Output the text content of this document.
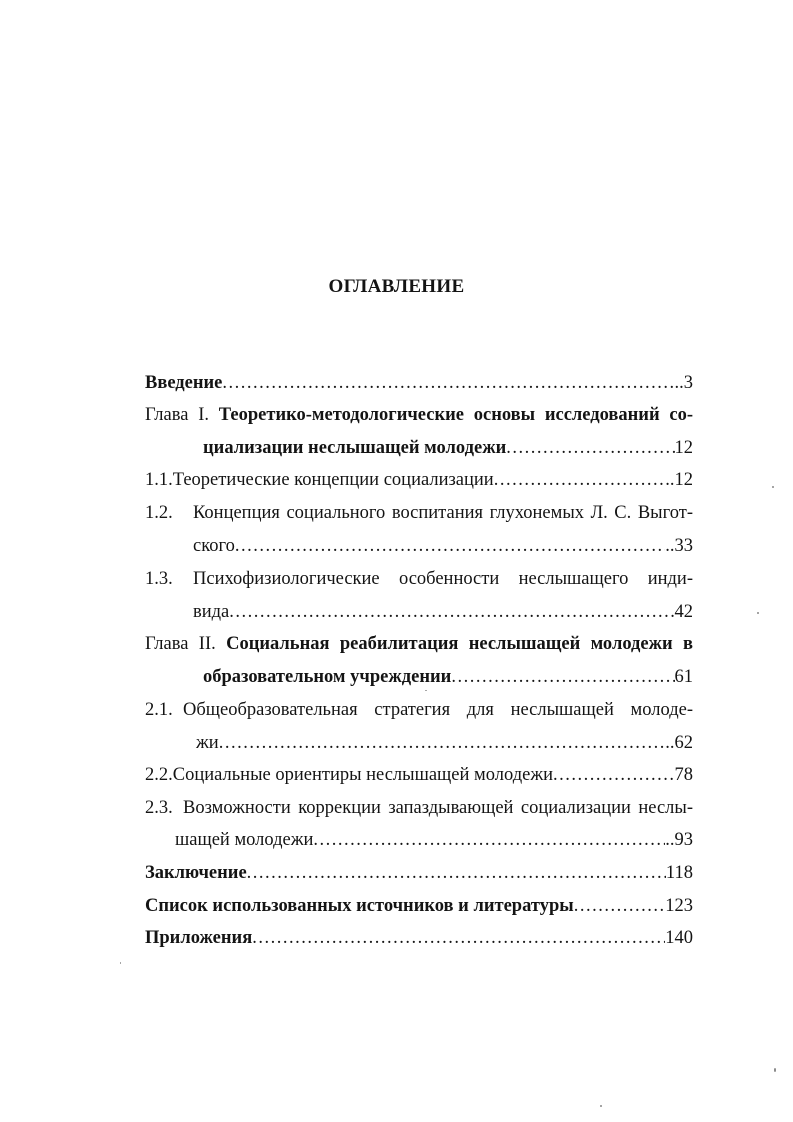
ОГЛАВЛЕНИЕ
Введение .....	..3
Глава I. Теоретико-методологические основы исследований со-
циализации неслышащей молодежи .....	12
1.1. Теоретические концепции социализации .....	..12
1.2.	Концепция социального воспитания глухонемых Л. С. Выгот-
ского .....	..33
1.3.	Психофизиологические особенности неслышащего инди-
вида .....	42
Глава II. Социальная реабилитация неслышащей молодежи в
образовательном учреждении .....	61
2.1. Общеобразовательная стратегия для неслышащей молоде-
жи .....	..62
2.2. Социальные ориентиры неслышащей молодежи .....	78
2.3. Возможности коррекции запаздывающей социализации неслы-
шащей молодежи .....	..93
Заключение .....	118
Список использованных источников и литературы .....	123
Приложения .....	140
